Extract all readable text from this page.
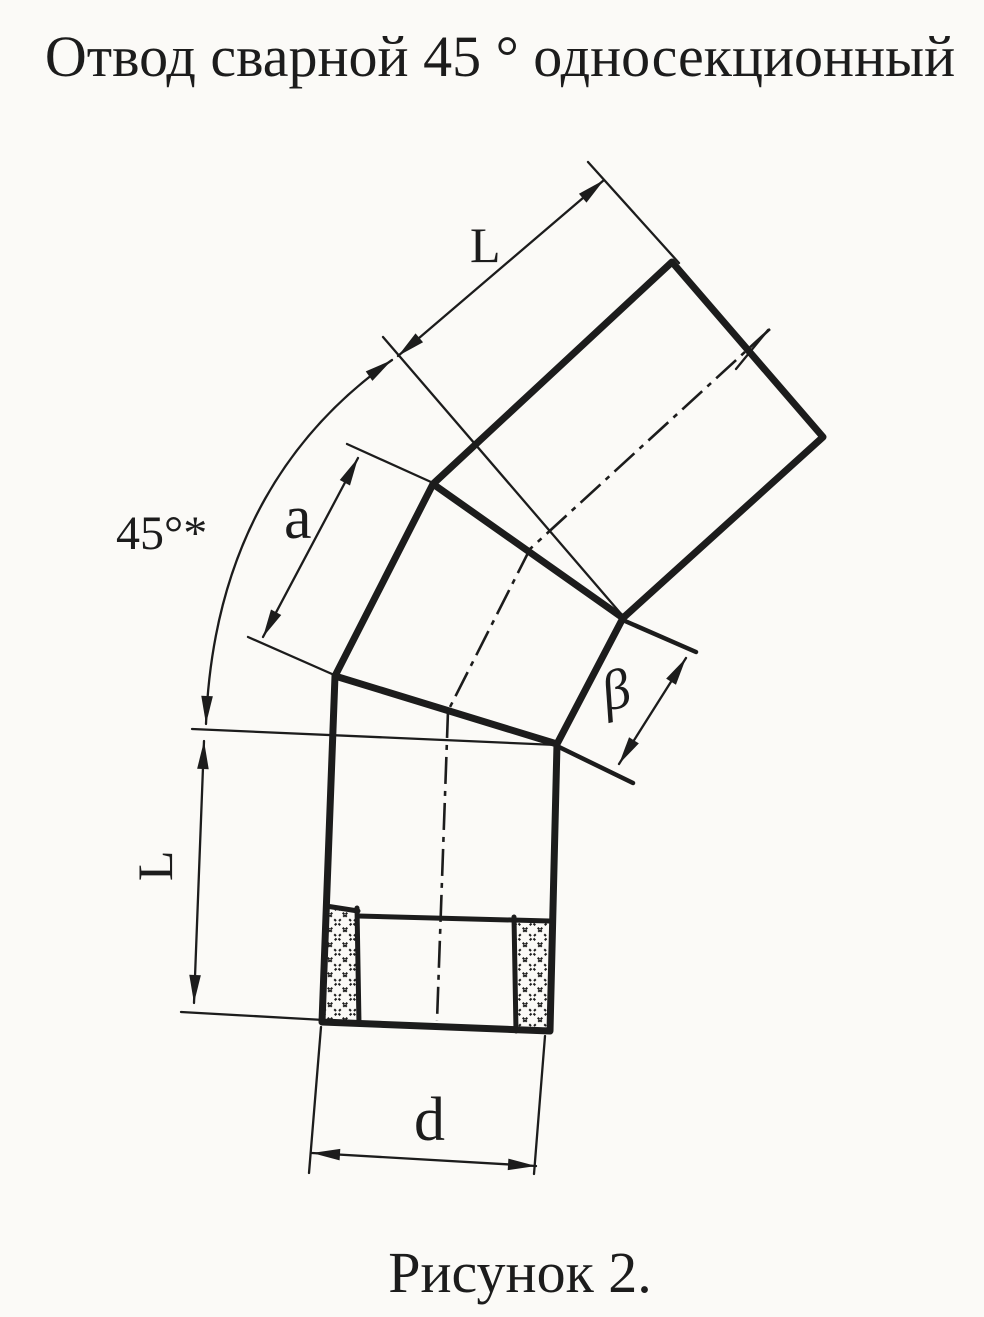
Отвод сварной 45 ° односекционный
L
45°* a
β
L
d
Рисунок 2.
